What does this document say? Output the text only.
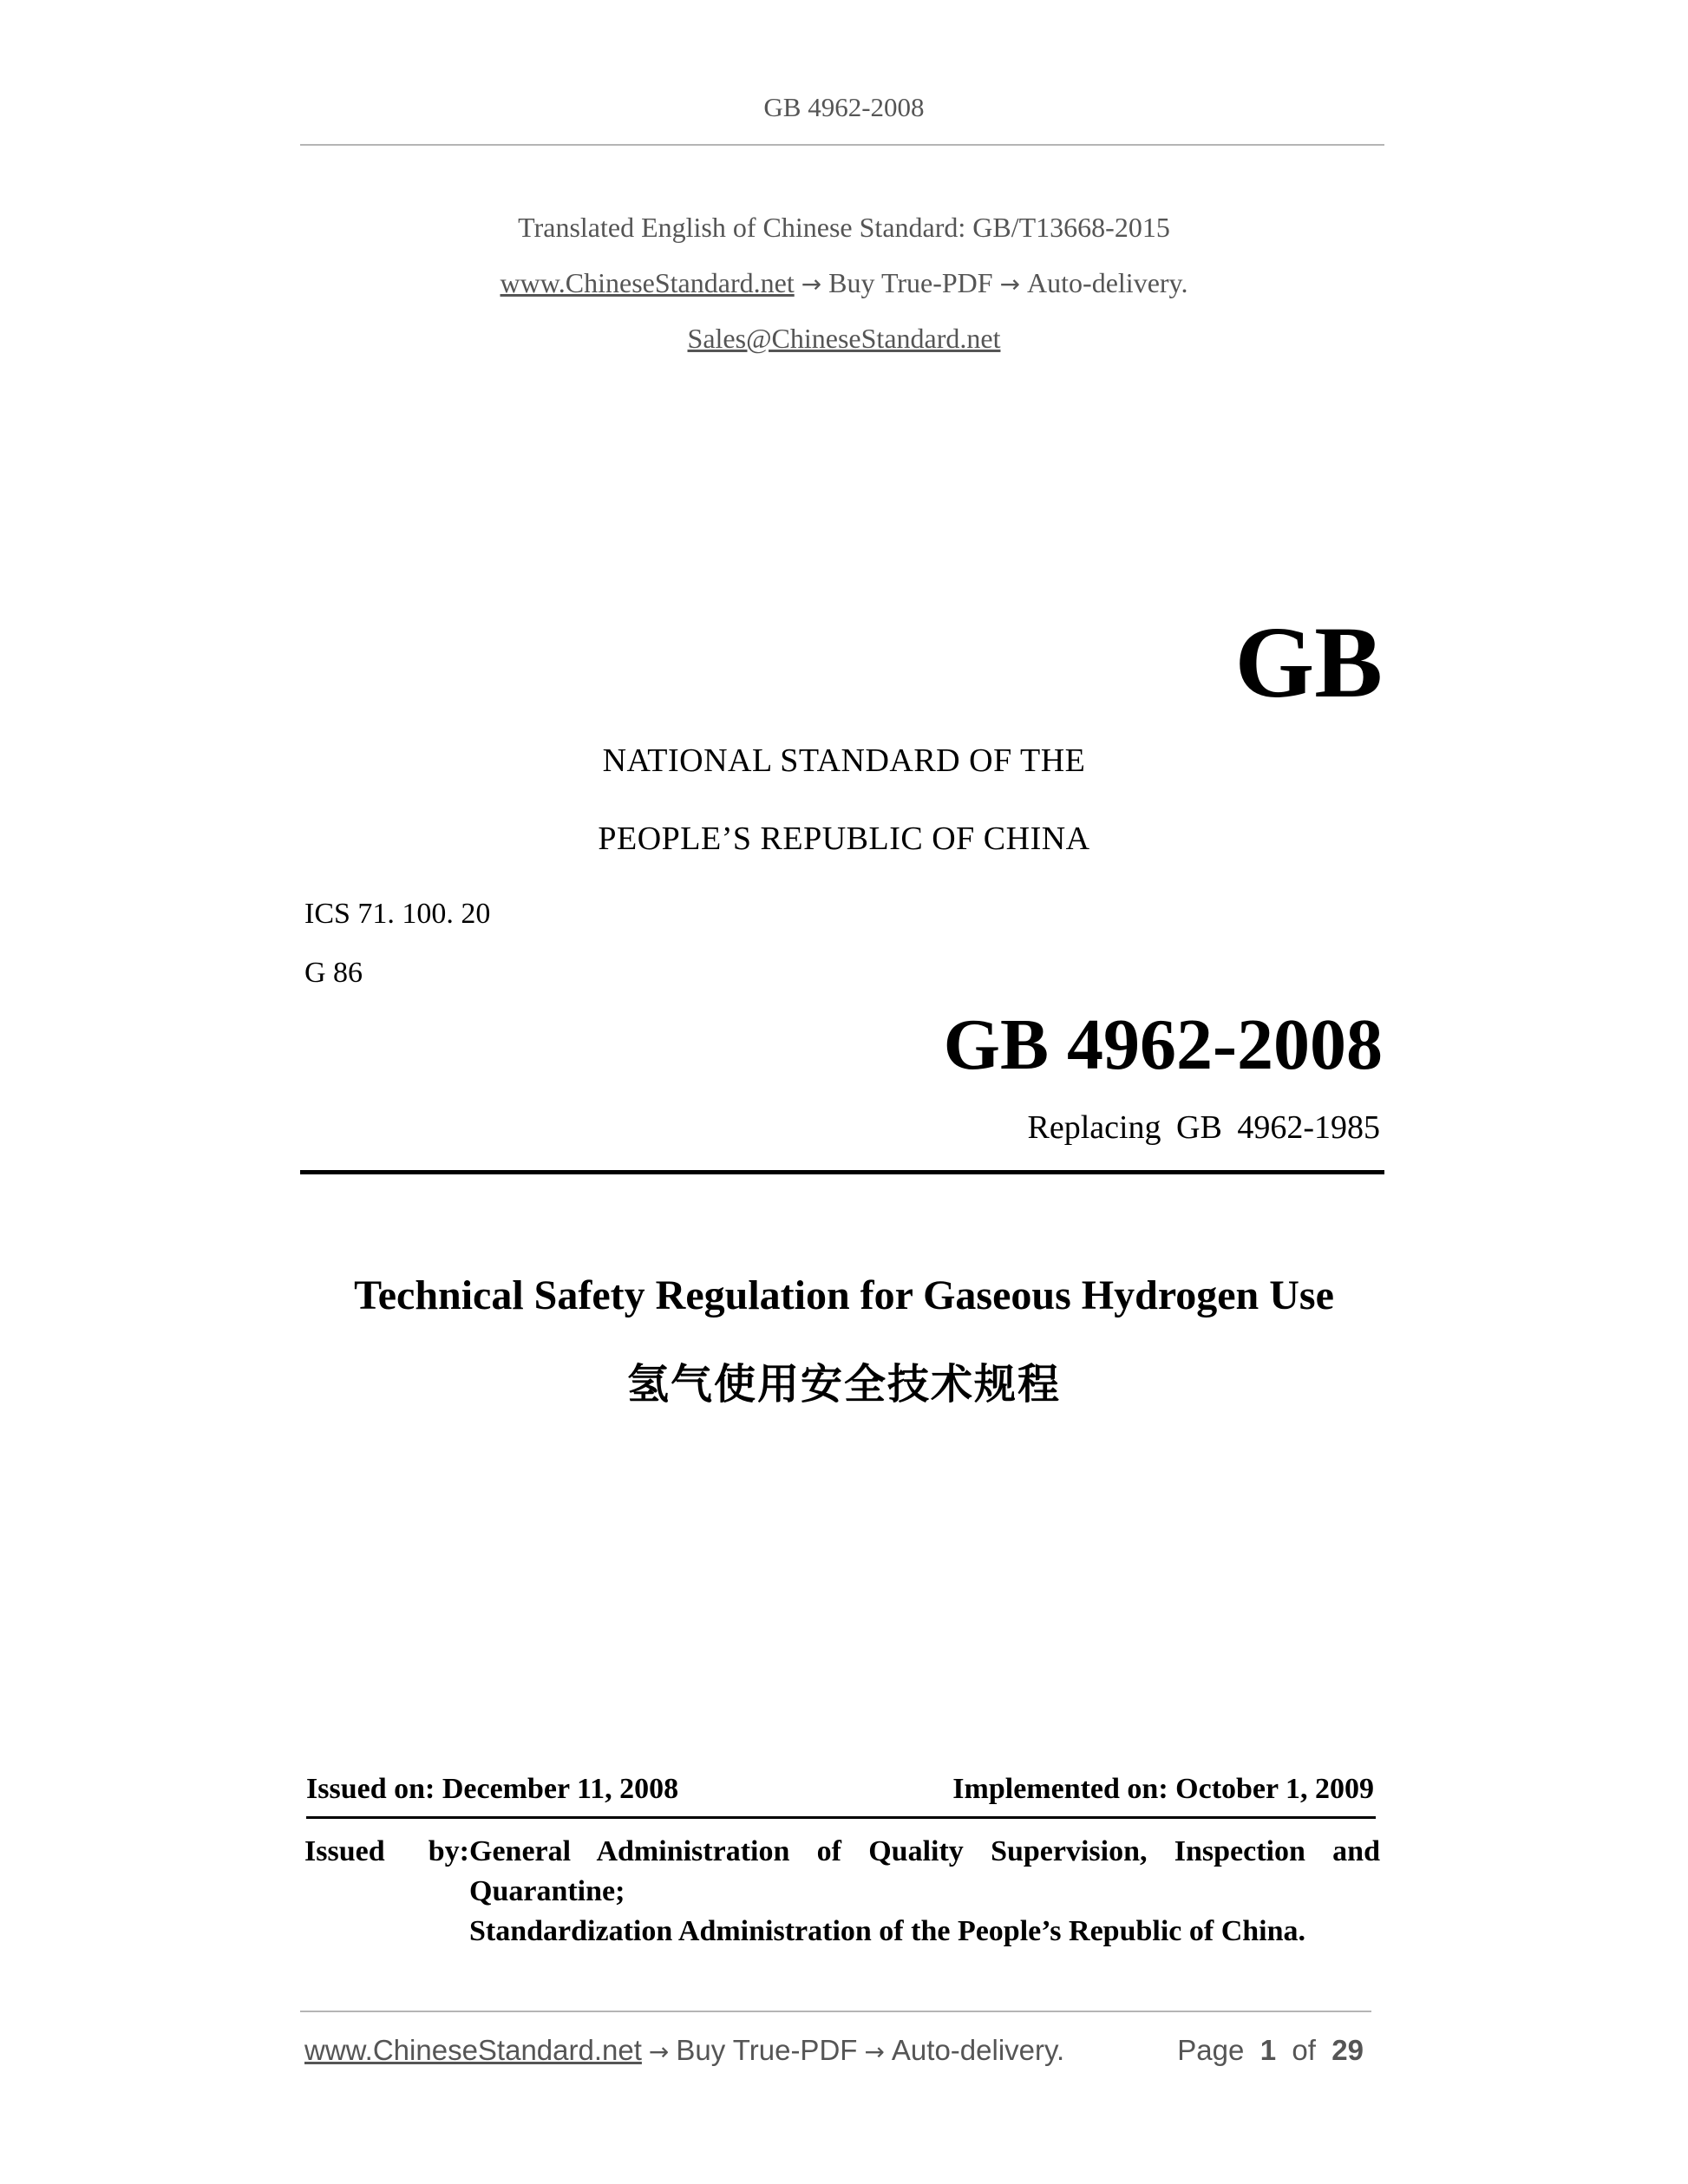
GB 4962-2008
Translated English of Chinese Standard: GB/T13668-2015
www.ChineseStandard.net → Buy True-PDF → Auto-delivery.
Sales@ChineseStandard.net
GB
NATIONAL STANDARD OF THE
PEOPLE’S REPUBLIC OF CHINA
ICS 71. 100. 20
G 86
GB 4962-2008
Replacing GB 4962-1985
Technical Safety Regulation for Gaseous Hydrogen Use
氢气使用安全技术规程
Issued on: December 11, 2008	Implemented on: October 1, 2009
Issued by: General Administration of Quality Supervision, Inspection and
Quarantine;
Standardization Administration of the People’s Republic of China.
www.ChineseStandard.net → Buy True-PDF → Auto-delivery.	Page 1 of 29
